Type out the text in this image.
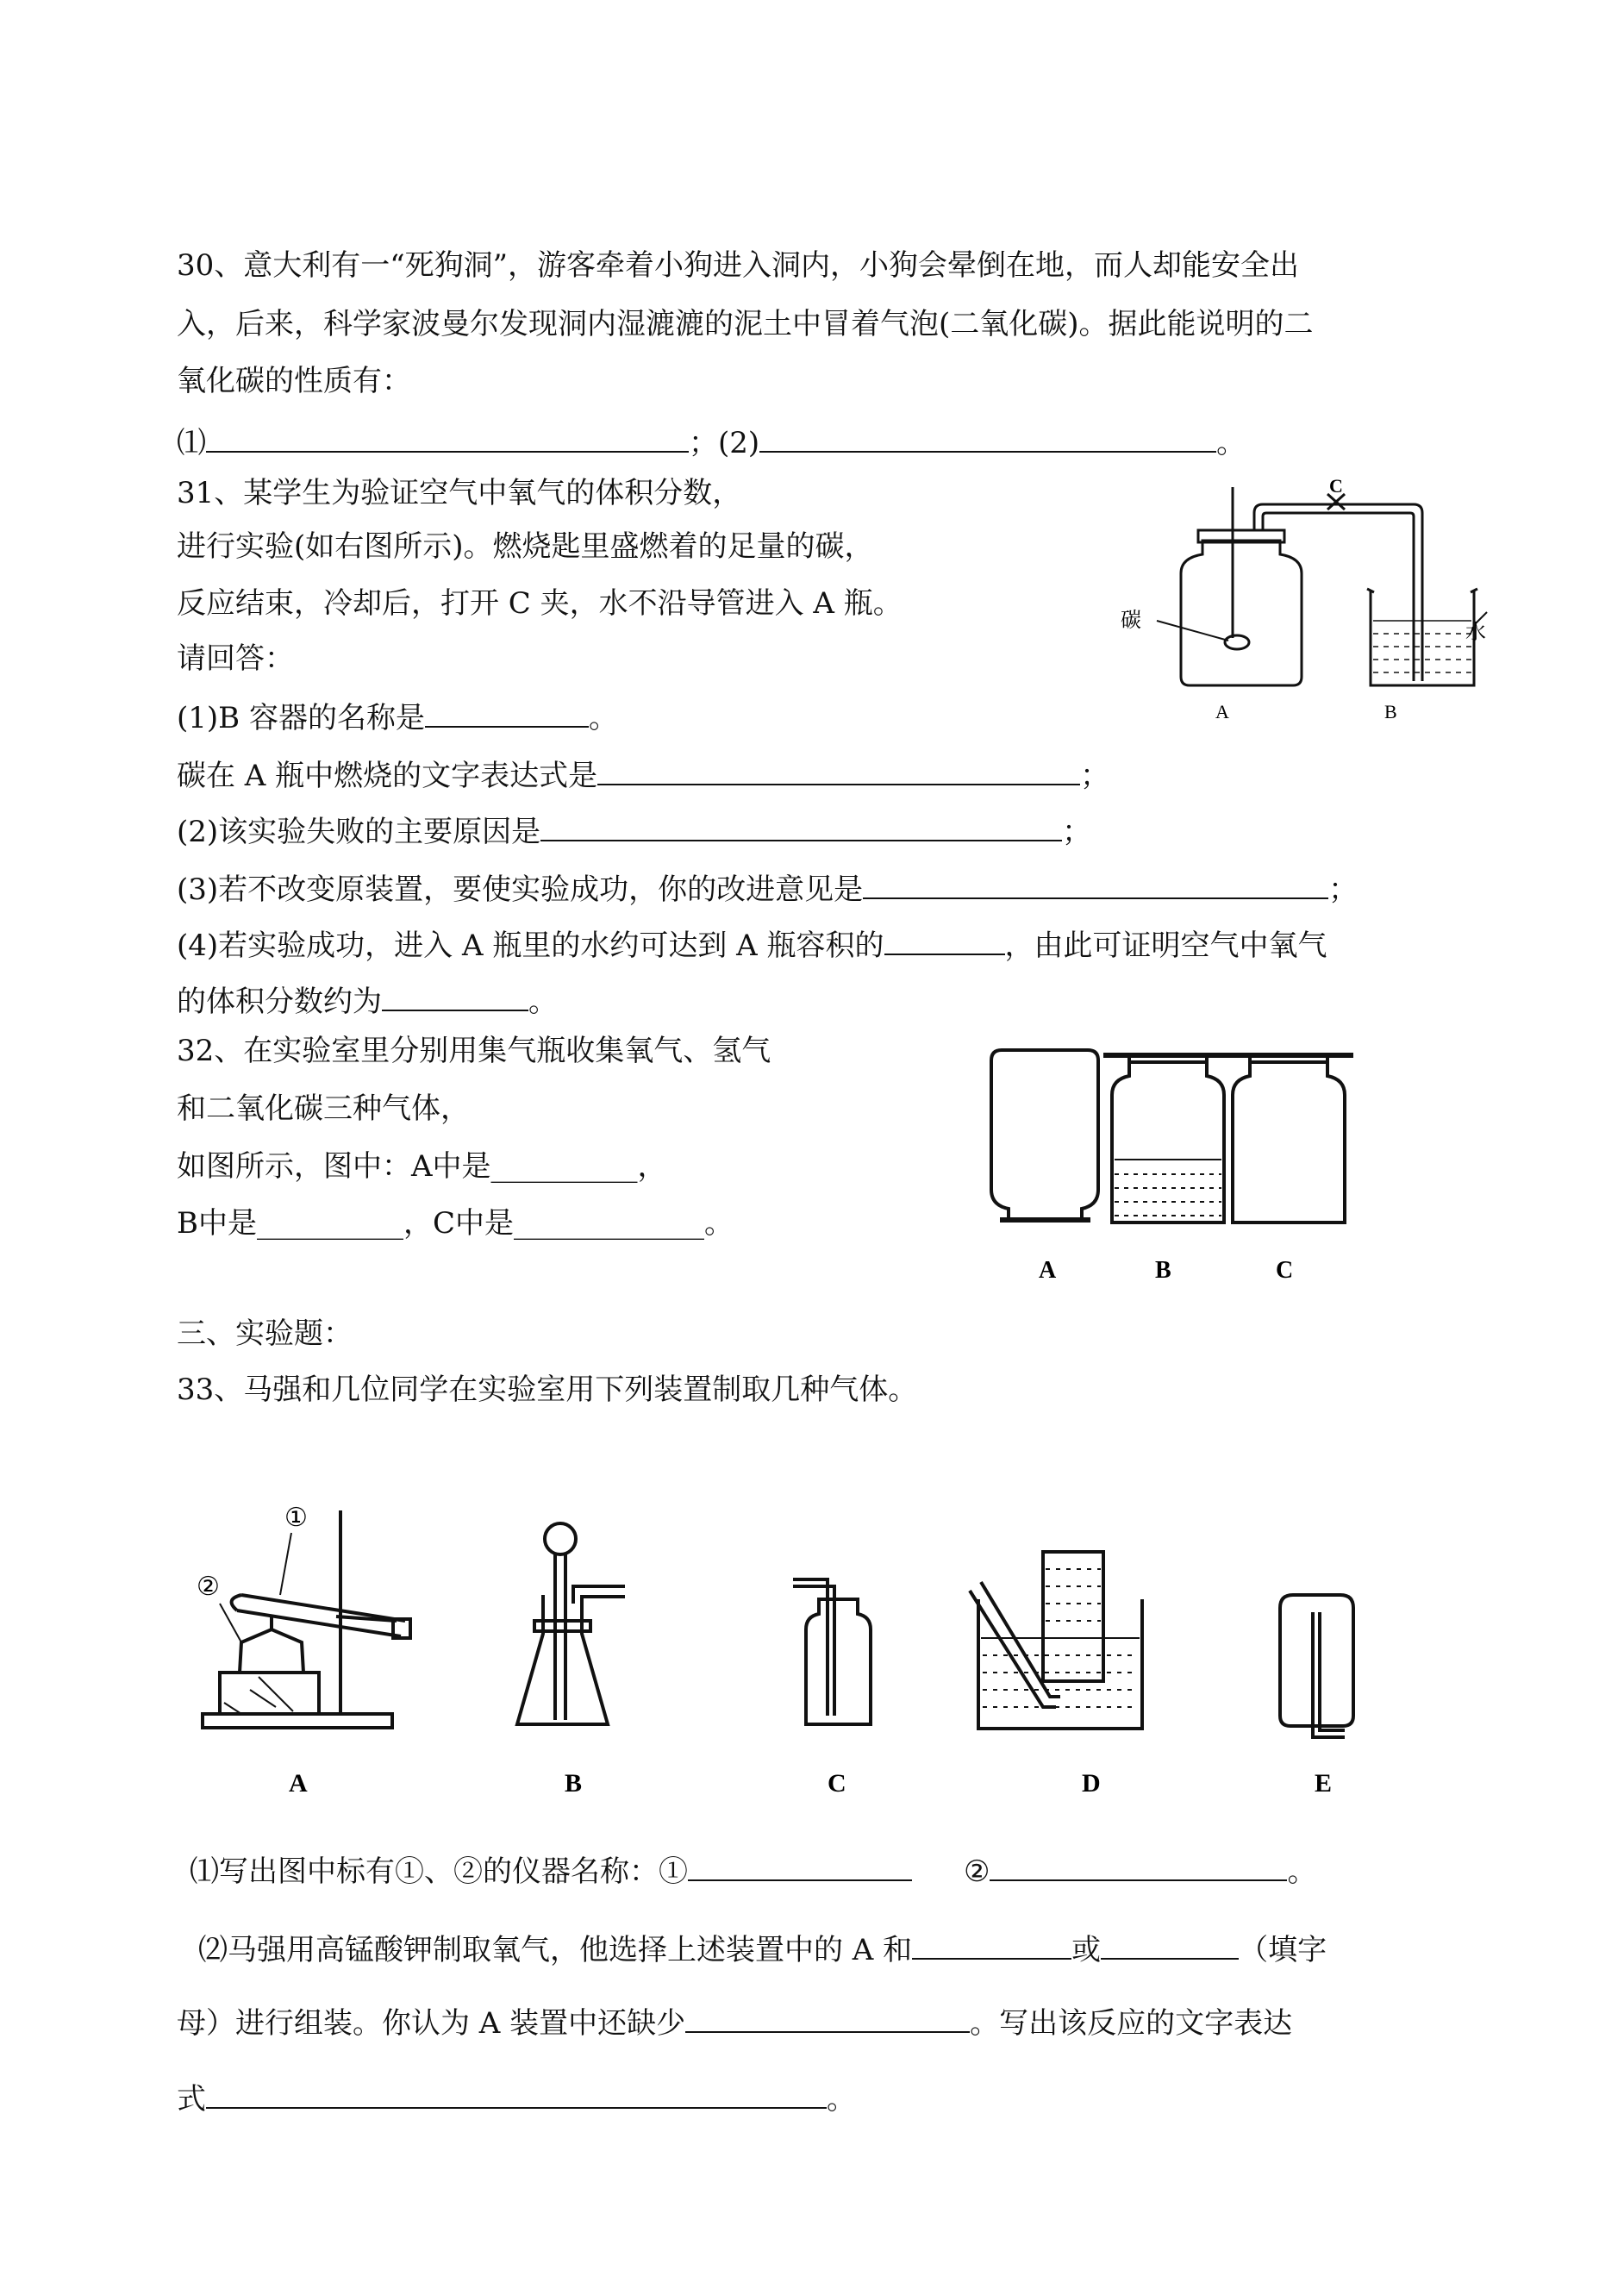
30、意大利有一“死狗洞”，游客牵着小狗进入洞内，小狗会晕倒在地，而人却能安全出
入，后来，科学家波曼尔发现洞内湿漉漉的泥土中冒着气泡(二氧化碳)。据此能说明的二
氧化碳的性质有：
⑴	；(2)	。
31、某学生为验证空气中氧气的体积分数，
进行实验(如右图所示)。燃烧匙里盛燃着的足量的碳，
反应结束，冷却后，打开 C 夹，水不沿导管进入 A 瓶。
请回答：
(1)B 容器的名称是	。
碳在 A 瓶中燃烧的文字表达式是	；
(2)该实验失败的主要原因是	；
(3)若不改变原装置，要使实验成功，你的改进意见是	；
(4)若实验成功，进入 A 瓶里的水约可达到 A 瓶容积的	，由此可证明空气中氧气
的体积分数约为	。
C
碳
水
A	B
32、在实验室里分别用集气瓶收集氧气、氢气
和二氧化碳三种气体，
如图所示，图中：A中是__________，
B中是__________，C中是_____________。
A	B	C
三、实验题：
33、马强和几位同学在实验室用下列装置制取几种气体。
①
②
A	B	C	D	E
⑴写出图中标有①、②的仪器名称：①	②	。
⑵马强用高锰酸钾制取氧气，他选择上述装置中的 A 和	或	（填字
母）进行组装。你认为 A 装置中还缺少	。写出该反应的文字表达
式	。
